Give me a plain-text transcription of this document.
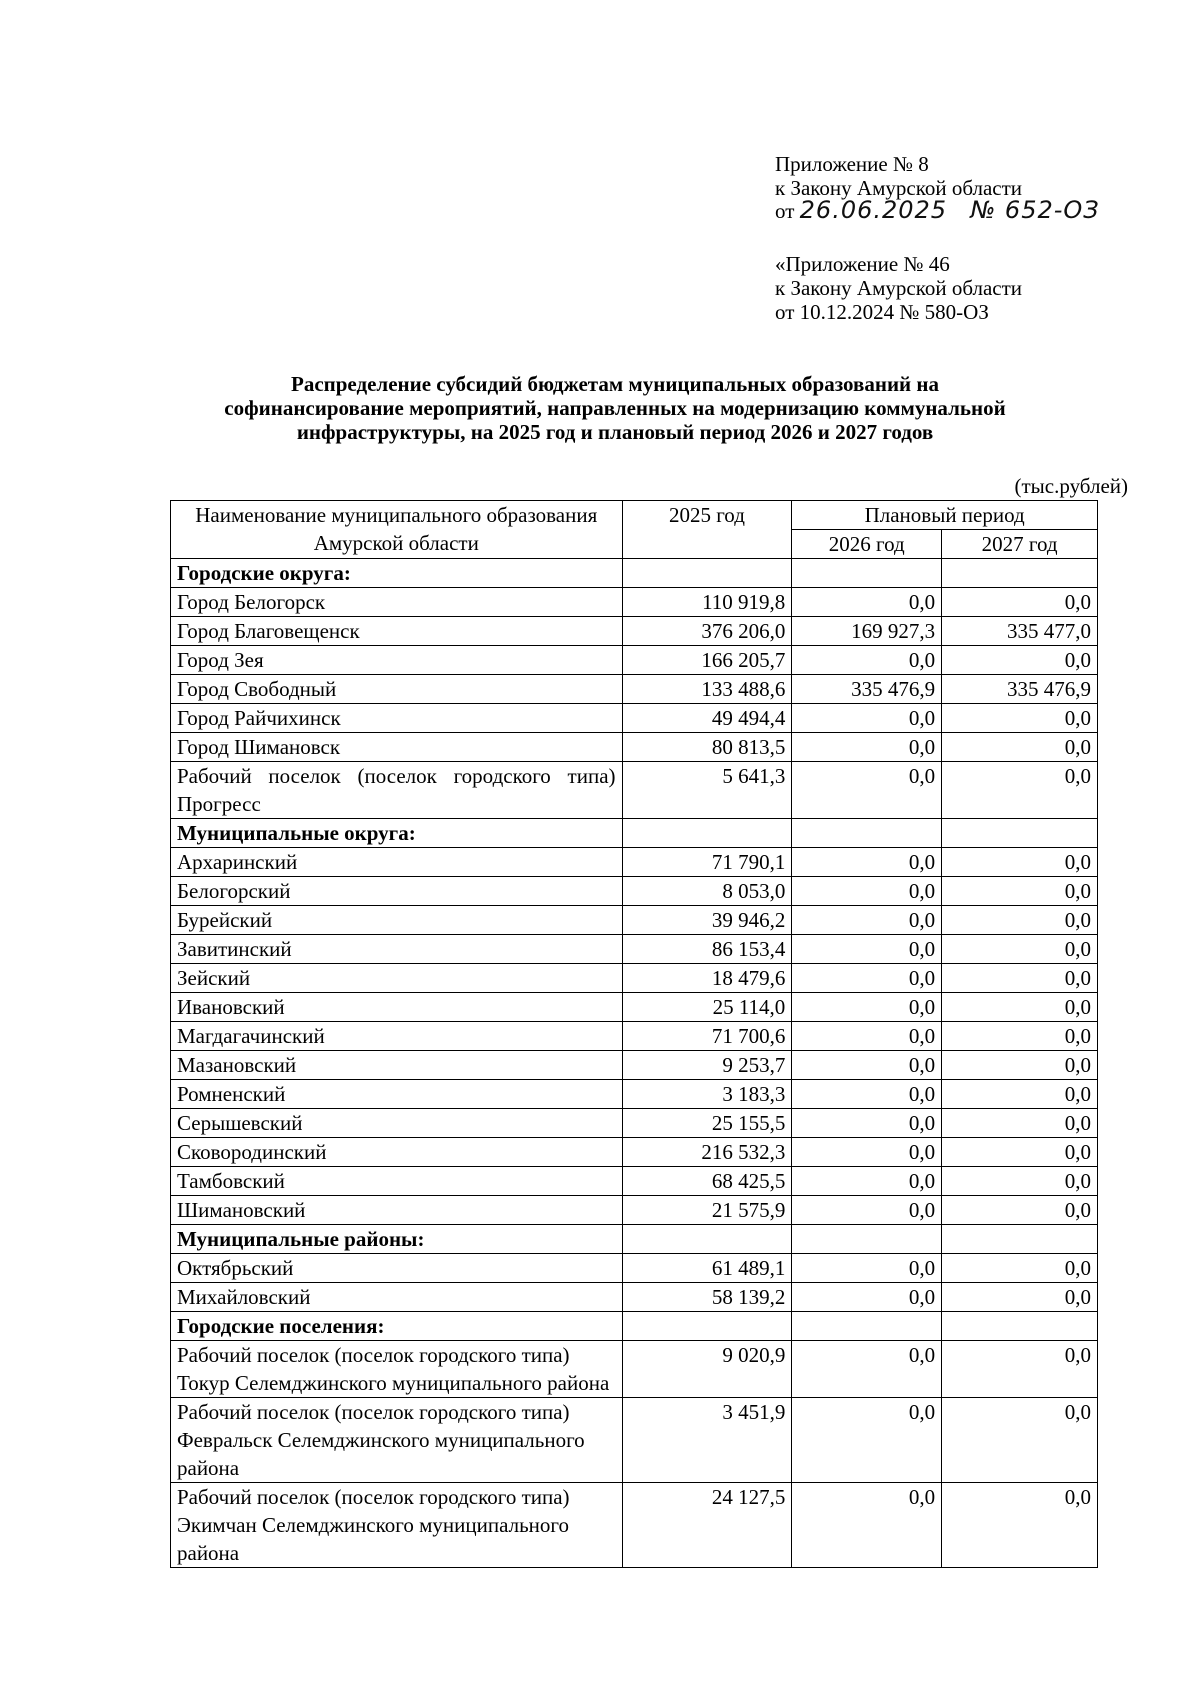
Приложение № 8
к Закону Амурской области
от 26.06.2025 № 652-ОЗ
«Приложение № 46
к Закону Амурской области
от 10.12.2024 № 580-ОЗ
Распределение субсидий бюджетам муниципальных образований на
софинансирование мероприятий, направленных на модернизацию коммунальной
инфраструктуры, на 2025 год и плановый период 2026 и 2027 годов
(тыс.рублей)
Наименование муниципального образования Амурской области	2025 год	Плановый период	
		2026 год	2027 год
Городские округа:			
Город Белогорск	110 919,8	0,0	0,0
Город Благовещенск	376 206,0	169 927,3	335 477,0
Город Зея	166 205,7	0,0	0,0
Город Свободный	133 488,6	335 476,9	335 476,9
Город Райчихинск	49 494,4	0,0	0,0
Город Шимановск	80 813,5	0,0	0,0
Рабочий поселок (поселок городского типа) Прогресс	5 641,3	0,0	0,0
Муниципальные округа:			
Архаринский	71 790,1	0,0	0,0
Белогорский	8 053,0	0,0	0,0
Бурейский	39 946,2	0,0	0,0
Завитинский	86 153,4	0,0	0,0
Зейский	18 479,6	0,0	0,0
Ивановский	25 114,0	0,0	0,0
Магдагачинский	71 700,6	0,0	0,0
Мазановский	9 253,7	0,0	0,0
Ромненский	3 183,3	0,0	0,0
Серышевский	25 155,5	0,0	0,0
Сковородинский	216 532,3	0,0	0,0
Тамбовский	68 425,5	0,0	0,0
Шимановский	21 575,9	0,0	0,0
Муниципальные районы:			
Октябрьский	61 489,1	0,0	0,0
Михайловский	58 139,2	0,0	0,0
Городские поселения:			
Рабочий поселок (поселок городского типа) Токур Селемджинского муниципального района	9 020,9	0,0	0,0
Рабочий поселок (поселок городского типа) Февральск Селемджинского муниципального района	3 451,9	0,0	0,0
Рабочий поселок (поселок городского типа) Экимчан Селемджинского муниципального района	24 127,5	0,0	0,0
